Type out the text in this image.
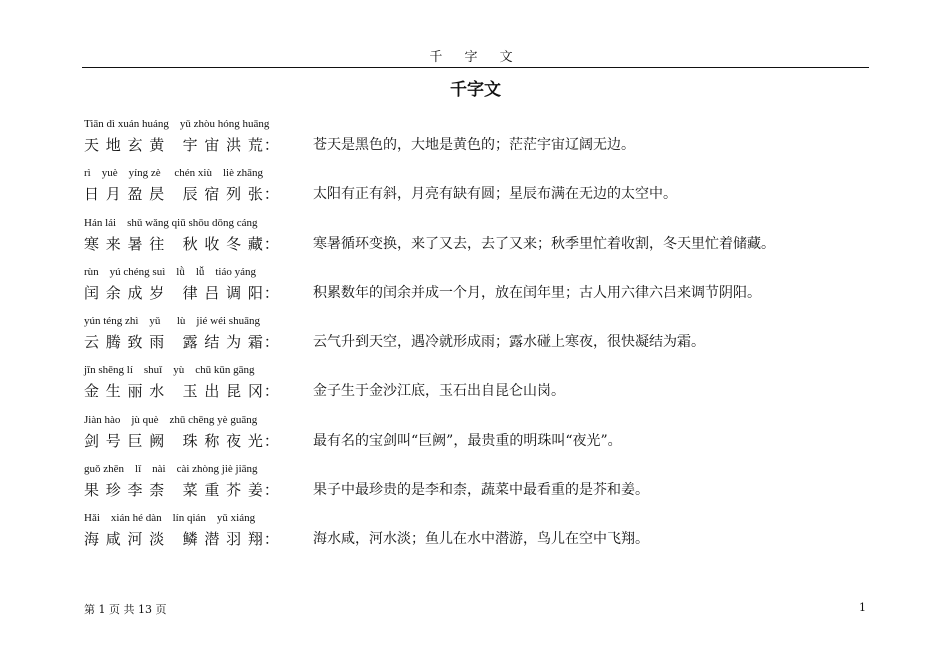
千 字 文
千字文
Tiān dì xuán huáng    yǔ zhòu hóng huāng
天 地 玄 黄   宇 宙 洪 荒： 苍天是黑色的，大地是黄色的；茫茫宇宙辽阔无边。
rì    yuè    yíng zè     chén xiù    liè zhāng
日 月 盈 昃   辰 宿 列 张： 太阳有正有斜，月亮有缺有圆；星辰布满在无边的太空中。
Hán lái    shǔ wǎng qiū shōu dōng cáng
寒 来 暑 往   秋 收 冬 藏： 寒暑循环变换，来了又去，去了又来；秋季里忙着收割，冬天里忙着储藏。
rùn    yú chéng suì    lǜ    lǚ    tiáo yáng
闰 余 成 岁   律 吕 调 阳： 积累数年的闰余并成一个月，放在闰年里；古人用六律六吕来调节阴阳。
yún téng zhì    yǔ      lù    jié wéi shuāng
云 腾 致 雨   露 结 为 霜： 云气升到天空，遇冷就形成雨；露水碰上寒夜，很快凝结为霜。
jīn shēng lí    shuǐ    yù    chū kūn gāng
金 生 丽 水   玉 出 昆 冈： 金子生于金沙江底，玉石出自昆仑山岗。
Jiàn hào    jù què    zhū chēng yè guāng
剑 号 巨 阙   珠 称 夜 光： 最有名的宝剑叫“巨阙”，最贵重的明珠叫“夜光”。
guǒ zhēn    lǐ    nài    cài zhòng jiè jiāng
果 珍 李 柰   菜 重 芥 姜： 果子中最珍贵的是李和柰，蔬菜中最看重的是芥和姜。
Hǎi    xián hé dàn    lín qián    yǔ xiáng
海 咸 河 淡   鳞 潜 羽 翔： 海水咸，河水淡；鱼儿在水中潜游，鸟儿在空中飞翔。
第 1 页 共 13 页	1
